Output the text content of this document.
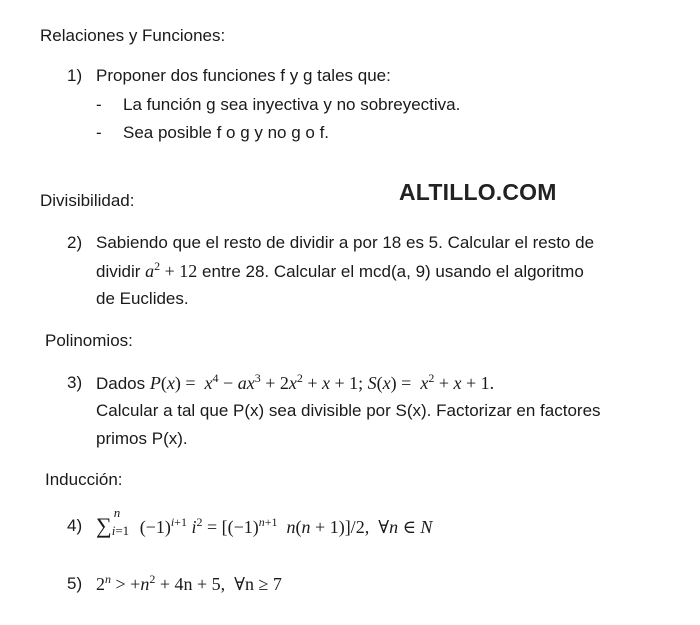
Relaciones y Funciones:
1) Proponer dos funciones f y g tales que:
- La función g sea inyectiva y no sobreyectiva.
- Sea posible f o g y no g o f.
Divisibilidad:	ALTILLO.COM
2) Sabiendo que el resto de dividir a por 18 es 5. Calcular el resto de
dividir $a^2 + 12$ entre 28. Calcular el mcd(a, 9) usando el algoritmo
de Euclides.
Polinomios:
3) Dados $P(x) = x^4 - ax^3 + 2x^2 + x + 1$; $S(x) = x^2 + x + 1$.
Calcular a tal que P(x) sea divisible por S(x). Factorizar en factores
primos P(x).
Inducción:
4) ∑
n
i=1 $(-1)^{i+1}$ $i^2 = [(-1)^{n+1}$ n(n + 1)]/2,  ∀n ∈ N
5) $2^n > +n^2 + 4n + 5$,  ∀n ≥ 7
